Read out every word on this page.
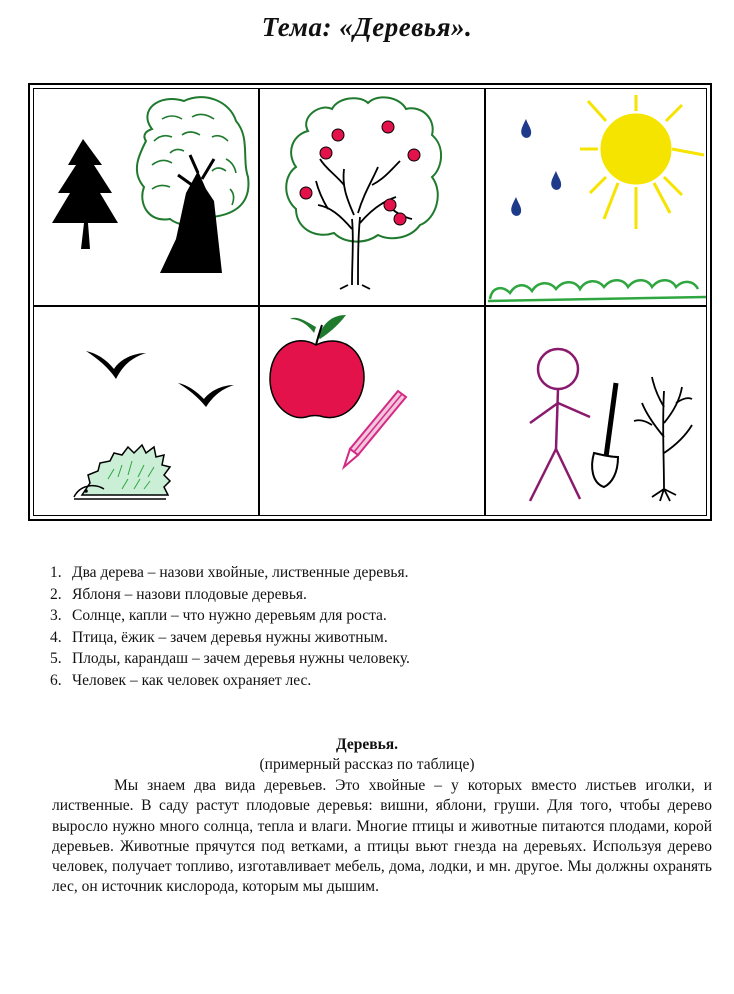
Тема: «Деревья».
1. Два дерева – назови хвойные, лиственные деревья.
2. Яблоня – назови плодовые деревья.
3. Солнце, капли – что нужно деревьям для роста.
4. Птица, ёжик – зачем деревья нужны животным.
5. Плоды, карандаш – зачем деревья нужны человеку.
6. Человек – как человек охраняет лес.
Деревья.
(примерный рассказ по таблице)

Мы знаем два вида деревьев. Это хвойные – у которых вместо листьев иголки, и лиственные. В саду растут плодовые деревья: вишни, яблони, груши. Для того, чтобы дерево выросло нужно много солнца, тепла и влаги. Многие птицы и животные питаются плодами, корой деревьев. Животные прячутся под ветками, а птицы вьют гнезда на деревьях. Используя дерево человек, получает топливо, изготавливает мебель, дома, лодки, и мн. другое. Мы должны охранять лес, он источник кислорода, которым мы дышим.
